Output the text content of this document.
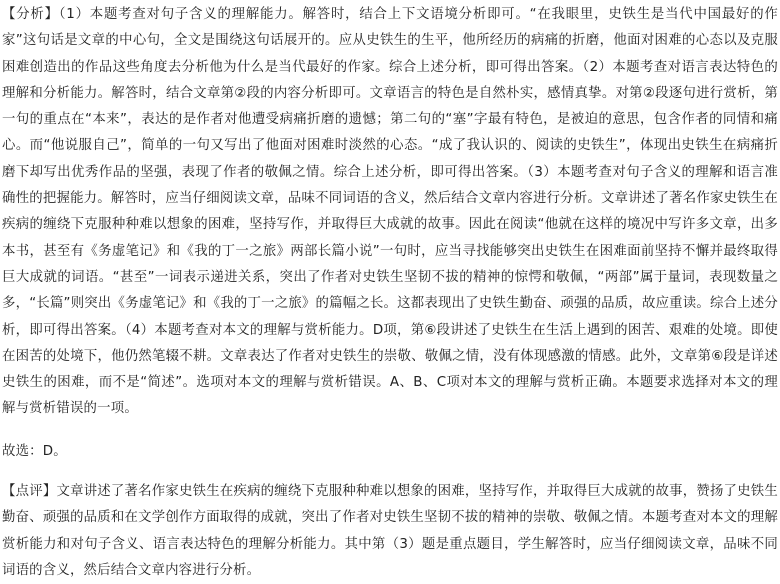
【分析】（1）本题考查对句子含义的理解能力。解答时，结合上下文语境分析即可。“在我眼里，史铁生是当代中国最好的作家”这句话是文章的中心句，全文是围绕这句话展开的。应从史铁生的生平，他所经历的病痛的折磨，他面对困难的心态以及克服困难创造出的作品这些角度去分析他为什么是当代最好的作家。综合上述分析，即可得出答案。（2）本题考查对语言表达特色的理解和分析能力。解答时，结合文章第②段的内容分析即可。文章语言的特色是自然朴实，感情真挚。对第②段逐句进行赏析，第一句的重点在“本来”，表达的是作者对他遭受病痛折磨的遗憾；第二句的“塞”字最有特色，是被迫的意思，包含作者的同情和痛心。而“他说服自己”，简单的一句又写出了他面对困难时淡然的心态。“成了我认识的、阅读的史铁生”，体现出史铁生在病痛折磨下却写出优秀作品的坚强，表现了作者的敬佩之情。综合上述分析，即可得出答案。（3）本题考查对句子含义的理解和语言准确性的把握能力。解答时，应当仔细阅读文章，品味不同词语的含义，然后结合文章内容进行分析。文章讲述了著名作家史铁生在疾病的缠绕下克服种种难以想象的困难，坚持写作，并取得巨大成就的故事。因此在阅读“他就在这样的境况中写许多文章，出多本书，甚至有《务虚笔记》和《我的丁一之旅》两部长篇小说”一句时，应当寻找能够突出史铁生在困难面前坚持不懈并最终取得巨大成就的词语。“甚至”一词表示递进关系，突出了作者对史铁生坚韧不拔的精神的惊愕和敬佩，“两部”属于量词，表现数量之多，“长篇”则突出《务虚笔记》和《我的丁一之旅》的篇幅之长。这都表现出了史铁生勤奋、顽强的品质，故应重读。综合上述分析，即可得出答案。（4）本题考查对本文的理解与赏析能力。D项，第⑥段讲述了史铁生在生活上遇到的困苦、艰难的处境。即使在困苦的处境下，他仍然笔辍不耕。文章表达了作者对史铁生的崇敬、敬佩之情，没有体现感激的情感。此外，文章第⑥段是详述史铁生的困难，而不是“简述”。选项对本文的理解与赏析错误。A、B、C项对本文的理解与赏析正确。本题要求选择对本文的理解与赏析错误的一项。

故选：D。

【点评】文章讲述了著名作家史铁生在疾病的缠绕下克服种种难以想象的困难，坚持写作，并取得巨大成就的故事，赞扬了史铁生勤奋、顽强的品质和在文学创作方面取得的成就，突出了作者对史铁生坚韧不拔的精神的崇敬、敬佩之情。本题考查对本文的理解赏析能力和对句子含义、语言表达特色的理解分析能力。其中第（3）题是重点题目，学生解答时，应当仔细阅读文章，品味不同词语的含义，然后结合文章内容进行分析。
